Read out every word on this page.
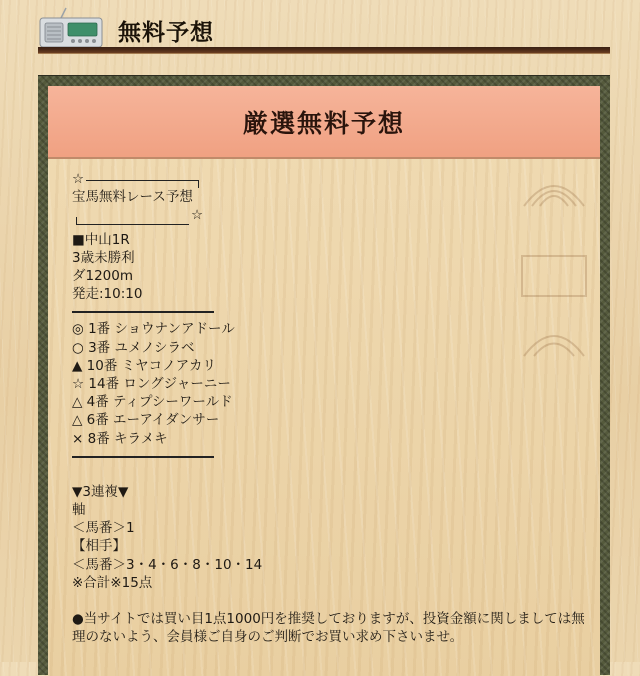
無料予想
厳選無料予想
☆
宝馬無料レース予想
☆
■中山1R
3歳未勝利
ダ1200m
発走:10:10
◎ 1番 ショウナンアドール
○ 3番 ユメノシラベ
▲ 10番 ミヤコノアカリ
☆ 14番 ロングジャーニー
△ 4番 ティプシーワールド
△ 6番 エーアイダンサー
× 8番 キラメキ
▼3連複▼
軸
＜馬番＞1
【相手】
＜馬番＞3・4・6・8・10・14
※合計※15点
●当サイトでは買い目1点1000円を推奨しておりますが、投資金額に関しましては無理のないよう、会員様ご自身のご判断でお買い求め下さいませ。
